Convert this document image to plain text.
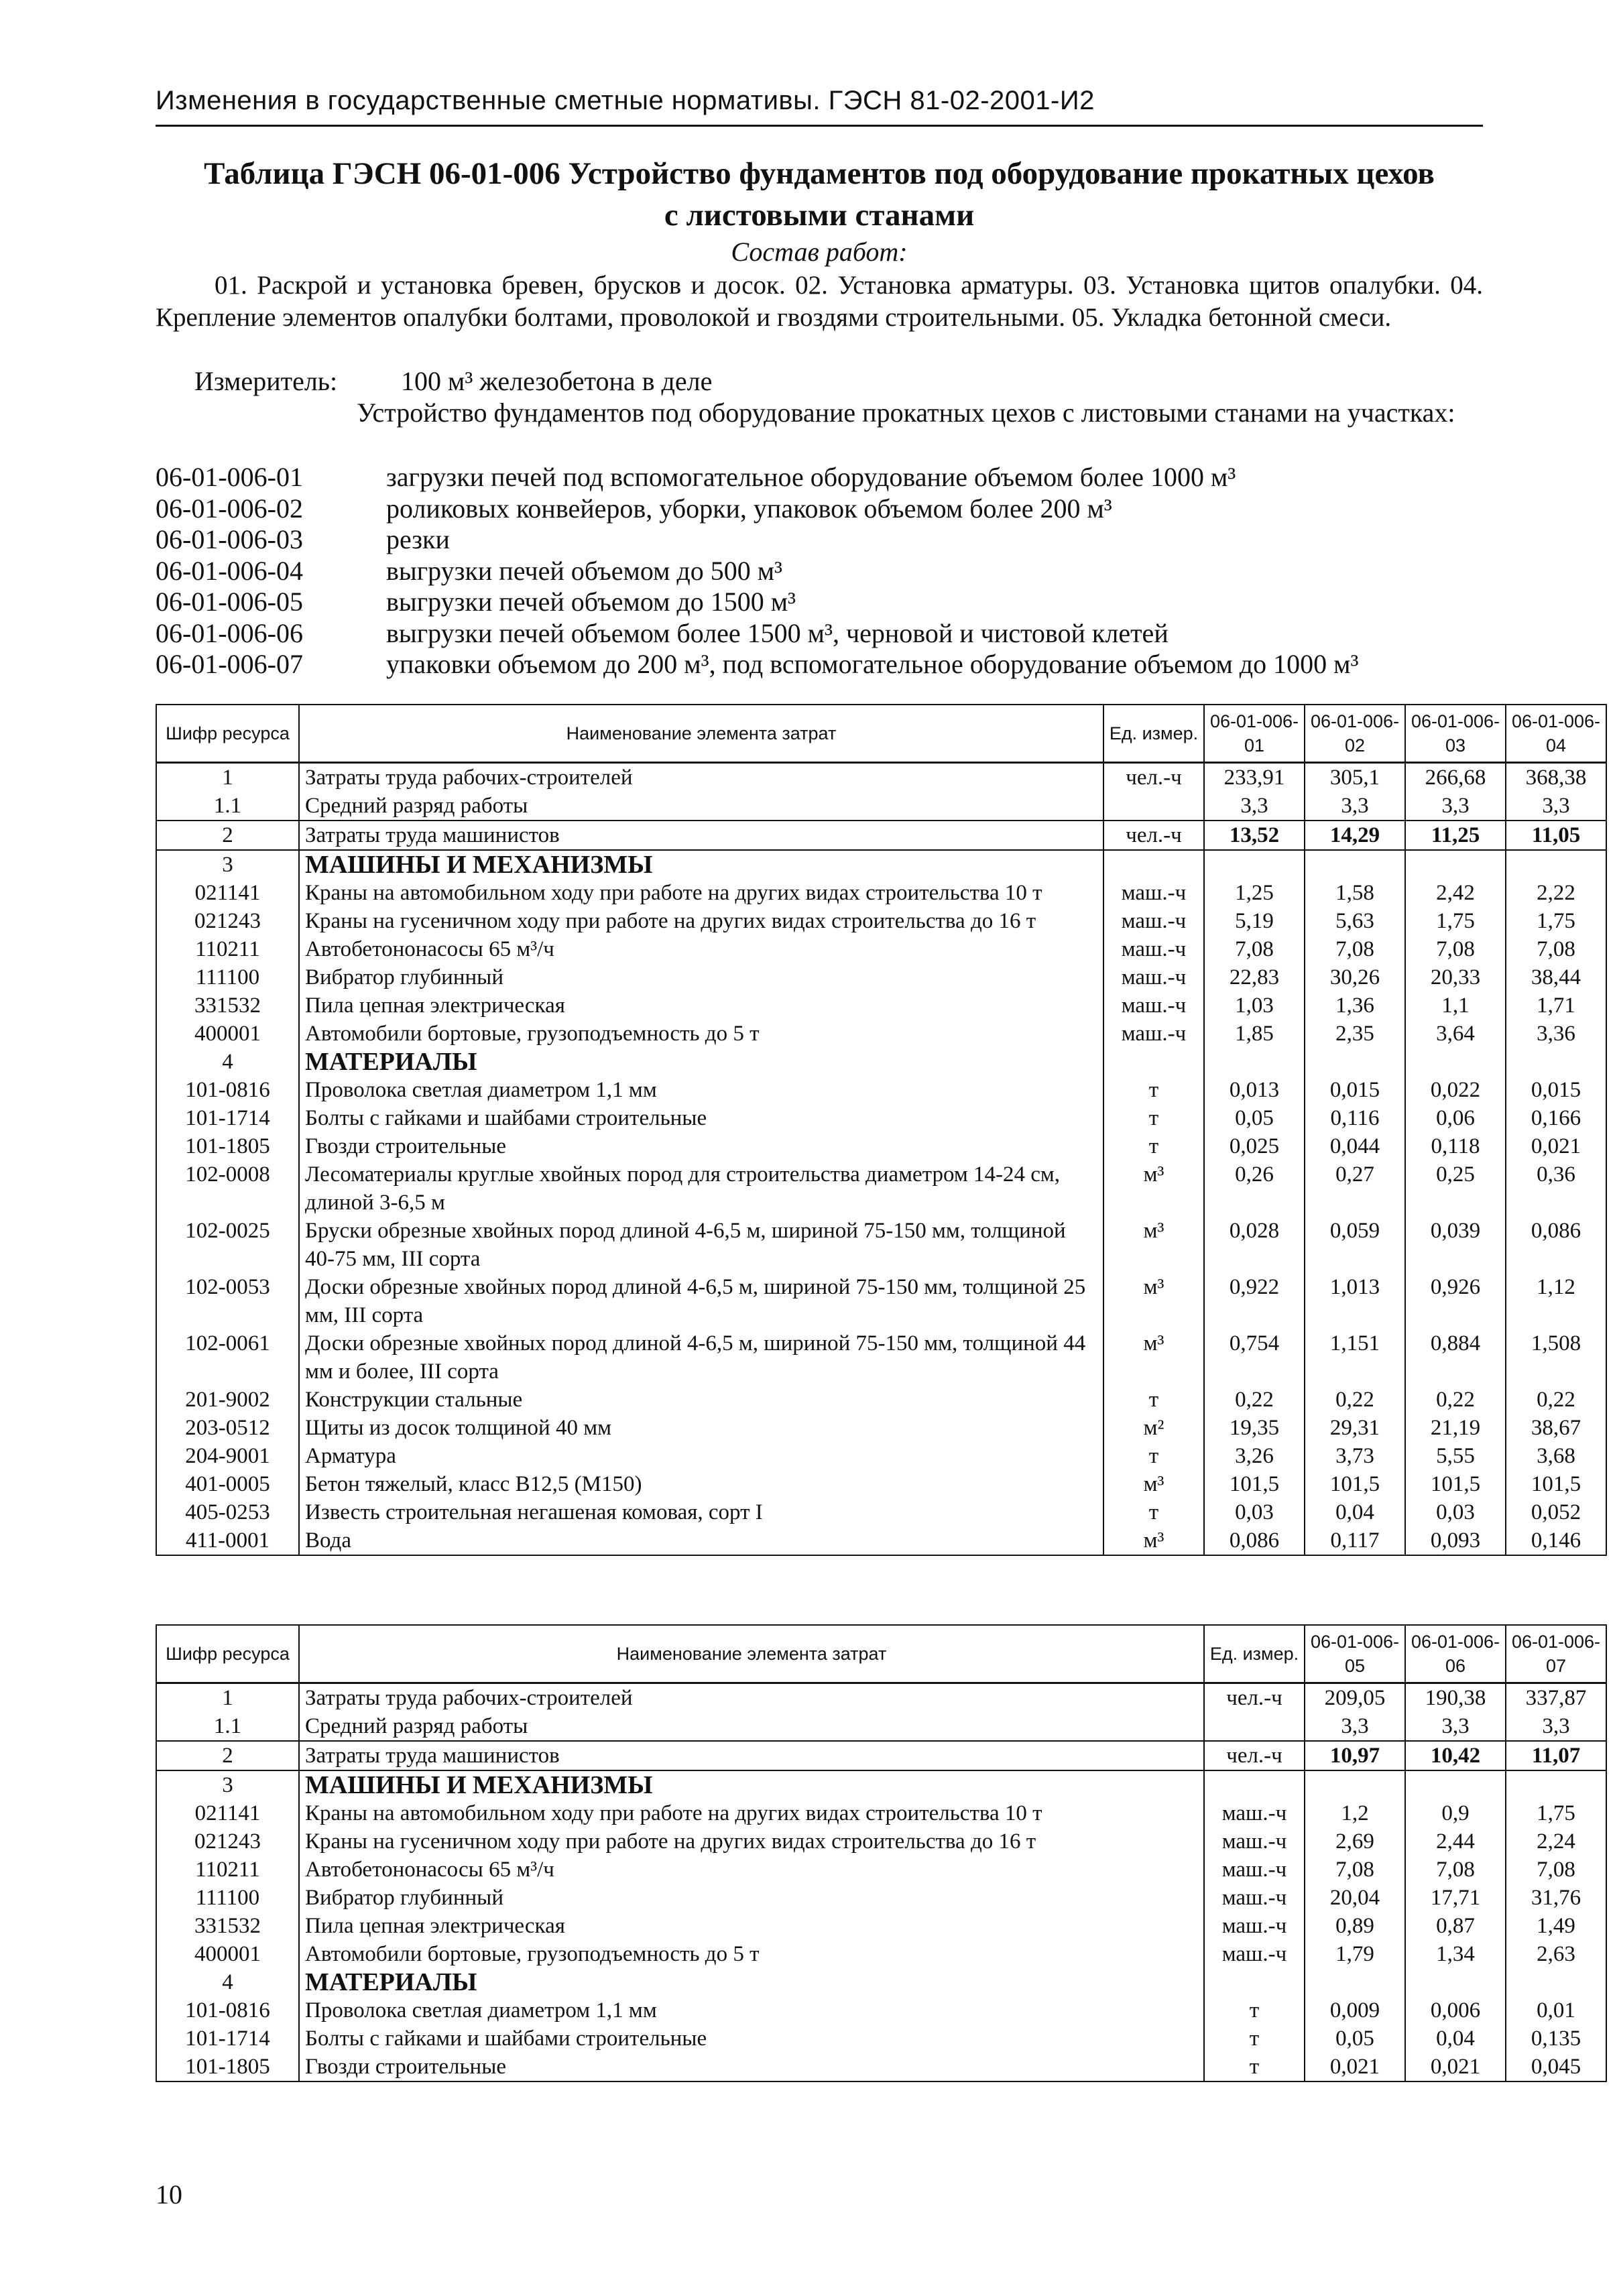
Изменения в государственные сметные нормативы. ГЭСН 81-02-2001-И2
Таблица ГЭСН 06-01-006 Устройство фундаментов под оборудование прокатных цехов
с листовыми станами
Состав работ:
01. Раскрой и установка бревен, брусков и досок. 02. Установка арматуры. 03. Установка щитов опалубки. 04. Крепление элементов опалубки болтами, проволокой и гвоздями строительными. 05. Укладка бетонной смеси.
Измеритель: 100 м³ железобетона в деле
Устройство фундаментов под оборудование прокатных цехов с листовыми станами на участках:
06-01-006-01	загрузки печей под вспомогательное оборудование объемом более 1000 м³
06-01-006-02	роликовых конвейеров, уборки, упаковок объемом более 200 м³
06-01-006-03	резки
06-01-006-04	выгрузки печей объемом до 500 м³
06-01-006-05	выгрузки печей объемом до 1500 м³
06-01-006-06	выгрузки печей объемом более 1500 м³, черновой и чистовой клетей
06-01-006-07	упаковки объемом до 200 м³, под вспомогательное оборудование объемом до 1000 м³
Шифр ресурса	Наименование элемента затрат	Ед. измер.	06-01-006-01	06-01-006-02	06-01-006-03	06-01-006-04
1	Затраты труда рабочих-строителей	чел.-ч	233,91	305,1	266,68	368,38
1.1	Средний разряд работы		3,3	3,3	3,3	3,3
2	Затраты труда машинистов	чел.-ч	13,52	14,29	11,25	11,05
3	МАШИНЫ И МЕХАНИЗМЫ					
021141	Краны на автомобильном ходу при работе на других видах строительства 10 т	маш.-ч	1,25	1,58	2,42	2,22
021243	Краны на гусеничном ходу при работе на других видах строительства до 16 т	маш.-ч	5,19	5,63	1,75	1,75
110211	Автобетононасосы 65 м³/ч	маш.-ч	7,08	7,08	7,08	7,08
111100	Вибратор глубинный	маш.-ч	22,83	30,26	20,33	38,44
331532	Пила цепная электрическая	маш.-ч	1,03	1,36	1,1	1,71
400001	Автомобили бортовые, грузоподъемность до 5 т	маш.-ч	1,85	2,35	3,64	3,36
4	МАТЕРИАЛЫ					
101-0816	Проволока светлая диаметром 1,1 мм	т	0,013	0,015	0,022	0,015
101-1714	Болты с гайками и шайбами строительные	т	0,05	0,116	0,06	0,166
101-1805	Гвозди строительные	т	0,025	0,044	0,118	0,021
102-0008	Лесоматериалы круглые хвойных пород для строительства диаметром 14-24 см, длиной 3-6,5 м	м³	0,26	0,27	0,25	0,36
102-0025	Бруски обрезные хвойных пород длиной 4-6,5 м, шириной 75-150 мм, толщиной 40-75 мм, III сорта	м³	0,028	0,059	0,039	0,086
102-0053	Доски обрезные хвойных пород длиной 4-6,5 м, шириной 75-150 мм, толщиной 25 мм, III сорта	м³	0,922	1,013	0,926	1,12
102-0061	Доски обрезные хвойных пород длиной 4-6,5 м, шириной 75-150 мм, толщиной 44 мм и более, III сорта	м³	0,754	1,151	0,884	1,508
201-9002	Конструкции стальные	т	0,22	0,22	0,22	0,22
203-0512	Щиты из досок толщиной 40 мм	м²	19,35	29,31	21,19	38,67
204-9001	Арматура	т	3,26	3,73	5,55	3,68
401-0005	Бетон тяжелый, класс В12,5 (М150)	м³	101,5	101,5	101,5	101,5
405-0253	Известь строительная негашеная комовая, сорт I	т	0,03	0,04	0,03	0,052
411-0001	Вода	м³	0,086	0,117	0,093	0,146
Шифр ресурса	Наименование элемента затрат	Ед. измер.	06-01-006-05	06-01-006-06	06-01-006-07
1	Затраты труда рабочих-строителей	чел.-ч	209,05	190,38	337,87
1.1	Средний разряд работы		3,3	3,3	3,3
2	Затраты труда машинистов	чел.-ч	10,97	10,42	11,07
3	МАШИНЫ И МЕХАНИЗМЫ				
021141	Краны на автомобильном ходу при работе на других видах строительства 10 т	маш.-ч	1,2	0,9	1,75
021243	Краны на гусеничном ходу при работе на других видах строительства до 16 т	маш.-ч	2,69	2,44	2,24
110211	Автобетононасосы 65 м³/ч	маш.-ч	7,08	7,08	7,08
111100	Вибратор глубинный	маш.-ч	20,04	17,71	31,76
331532	Пила цепная электрическая	маш.-ч	0,89	0,87	1,49
400001	Автомобили бортовые, грузоподъемность до 5 т	маш.-ч	1,79	1,34	2,63
4	МАТЕРИАЛЫ				
101-0816	Проволока светлая диаметром 1,1 мм	т	0,009	0,006	0,01
101-1714	Болты с гайками и шайбами строительные	т	0,05	0,04	0,135
101-1805	Гвозди строительные	т	0,021	0,021	0,045
10
